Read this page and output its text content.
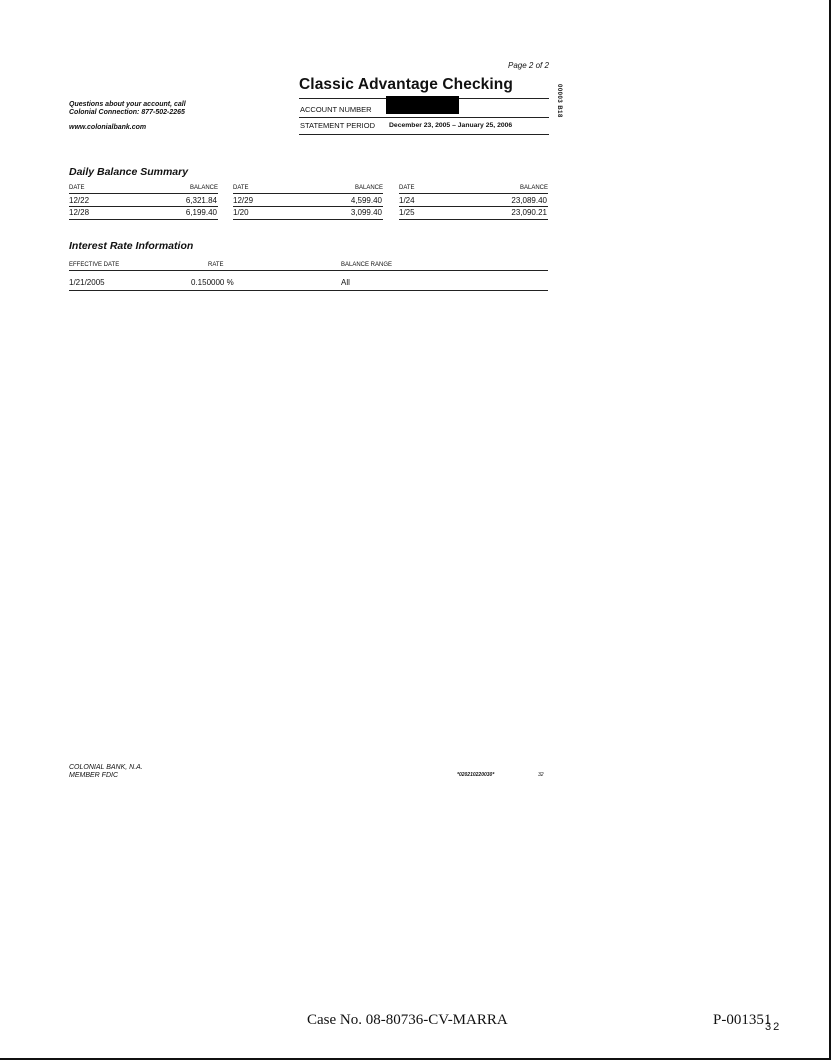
Page 2 of 2
Classic Advantage Checking	00003 B18
Questions about your account, call
Colonial Connection: 877-502-2265
www.colonialbank.com
ACCOUNT NUMBER
STATEMENT PERIOD December 23, 2005 – January 25, 2006
Daily Balance Summary
DATE	BALANCE
12/22	6,321.84
12/28	6,199.40
DATE	BALANCE
12/29	4,599.40
1/20	3,099.40
DATE	BALANCE
1/24	23,089.40
1/25	23,090.21
Interest Rate Information
EFFECTIVE DATE	RATE	BALANCE RANGE
1/21/2005	0.150000 %	All
COLONIAL BANK, N.A.
MEMBER FDIC	*020210220030*	32
Case No. 08-80736-CV-MARRA	P-001351
32
